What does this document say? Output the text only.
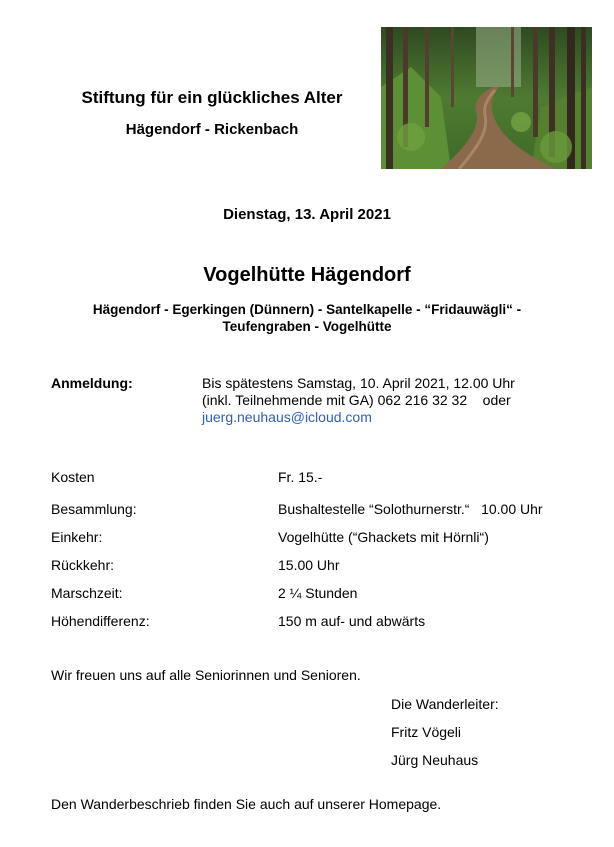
Stiftung für ein glückliches Alter
Hägendorf - Rickenbach
Dienstag, 13. April 2021
Vogelhütte Hägendorf
Hägendorf - Egerkingen (Dünnern) - Santelkapelle - “Fridauwägli“ -
Teufengraben - Vogelhütte
Anmeldung:	Bis spätestens Samstag, 10. April 2021, 12.00 Uhr
(inkl. Teilnehmende mit GA) 062 216 32 32    oder
juerg.neuhaus@icloud.com
Kosten	Fr. 15.-
Besammlung:	Bushaltestelle “Solothurnerstr.“   10.00 Uhr
Einkehr:	Vogelhütte (“Ghackets mit Hörnli“)
Rückkehr:	15.00 Uhr
Marschzeit:	2 ¼ Stunden
Höhendifferenz:	150 m auf- und abwärts
Wir freuen uns auf alle Seniorinnen und Senioren.
Die Wanderleiter:
Fritz Vögeli
Jürg Neuhaus
Den Wanderbeschrieb finden Sie auch auf unserer Homepage.
